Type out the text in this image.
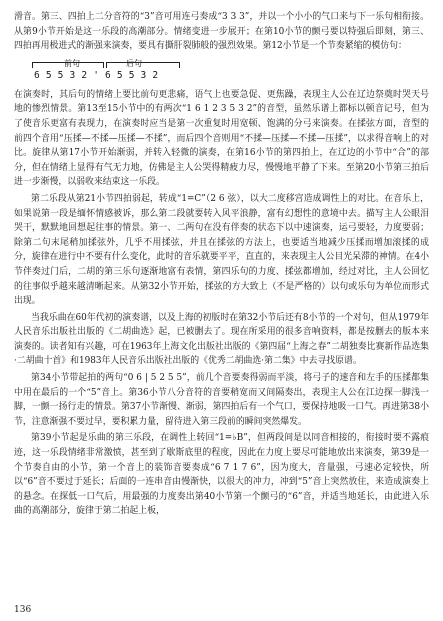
滑音。第三、四拍上二分音符的“3”音可用连弓奏成“3 3 3”，并以一个小小的气口来与下一乐句相衔接。从第9小节开始是这一乐段的高潮部分。情绪变进一步展开；在第10小节的颤弓要以特强后即刻，第三、四拍再用极进式的渐强来演奏，要具有撕肝裂肺般的强烈效果。第12小节是一个节奏紧缩的模仿句：

前句	后句
6 5 5 3 2 ' 6 5 5 3 2

在演奏时，其后句的情绪上要比前句更悲痛，语气上也要急促、更焦躁，表现主人公在辽边祭奠时哭天号地的惨烈情景。第13至15小节中的有两次“1 6 1 2 3 5 3 2”的音型，虽然乐谱上都标以顿音记号，但为了使音乐更富有表现力，在演奏时应当是第一次重复时用宽顿、饱满的分弓来演奏。在揉弦方面，音型的前四个音用“压揉—不揉—压揉—不揉”，而后四个音则用“不揉—压揉—不揉—压揉”，以求得音响上的对比。旋律从第17小节开始渐弱，并转入轻微的演奏，在第16小节的第四拍上，在辽边的小节中“合”的部分，但在情绪上显得有气无力地，仿佛是主人公哭得精疲力尽，慢慢地平静了下来。至第20小节第三拍后进一步渐慢，以弱收来结束这一乐段。

第二乐段从第21小节四拍弱起，转成“1=C”（2 6 弦），以大二度移宫造成调性上的对比。在音乐上，如果说第一段是缅怀情感被诉，那么第二段就要转入风平浪静，富有幻想性的意境中去。描写主人公眼泪哭干，默默地回想起往事的情景。第一、二两句在没有伴奏的状态下以中速演奏，运弓要轻，力度要弱；除第二句末尾稍加揉弦外，几乎不用揉弦，并且在揉弦的方法上，也要适当地减少压揉而增加滚揉的成分，旋律在进行中不要有什么变化，此时的音乐就要平平，直直的，来表现主人公目光呆滞的神情。在4小节伴奏过门后，二胡的第三乐句逐渐地富有表情，第四乐句的力度、揉弦都增加，经过对比，主人公回忆的往事似乎越来越清晰起来。从第32小节开始，揉弦的方大致上（不是严格的）以句或乐句为单位而形式出现。

当我乐曲在60年代初的演奏谱，以及上海的初版时在第32小节后还有8小节的一个对句，但从1979年人民音乐出版社出版的《二胡曲选》起，已被删去了。现在所采用的很多音响资料，都是按删去的版本来演奏的。读者知有兴趣，可在1963年上海文化出版社出版的《第四届“上海之春”二胡独奏比赛新作品选集·二胡曲十首》和1983年人民音乐出版社出版的《优秀二胡曲选·第二集》中去寻找原谱。

第34小节带起拍的两句“0 6 | 5 2 5 5”，前几个音要奏得弱而平淡，将弓子的速音和左手的压揉都集中用在最后的一个“5”音上。第36小节八分音符的音要稍宽而又间隔奏出，表现主人公在江边探一脚浅一脚，一颤一扬行走的情景。第37小节渐慢、渐弱，第四拍后有一个气口，要保持地吸一口气。再进第38小节，注意渐强不要过早，要积累力量，留待进入第三段前的瞬间突然爆发。

第39小节起是乐曲的第三乐段，在调性上转回“1=♭B”，但两段间是以同音相接的，衔接时要不露痕迹，这一乐段情绪非常激愤，甚至到了歇斯底里的程度，因此在力度上要尽可能地放出来演奏，第39是一个节奏自由的小节，第一个音上的装饰音要奏成“6 7 1 7 6”，因为度大，音量强，弓速必定较快，所以“6”音不要过于延长；后面的一连串音由慢渐快，以很大的冲力，冲到“5”音上突然放住，来造成演奏上的悬念。在探低一口气后，用最强的力度奏出第40小节第一个颤弓的“6”音，并适当地延长，由此进入乐曲的高潮部分，旋律于第二拍起上板，

136
